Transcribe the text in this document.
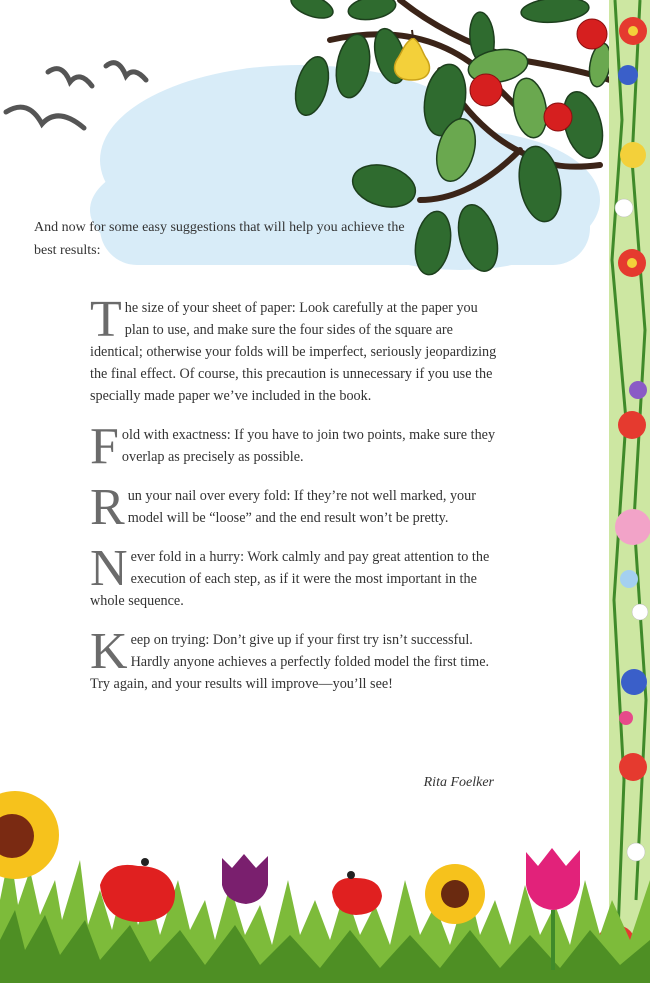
And now for some easy suggestions that will help you achieve the best results:

The size of your sheet of paper: Look carefully at the paper you plan to use, and make sure the four sides of the square are identical; otherwise your folds will be imperfect, seriously jeopardizing the final effect. Of course, this precaution is unnecessary if you use the specially made paper we’ve included in the book.

Fold with exactness: If you have to join two points, make sure they overlap as precisely as possible.

Run your nail over every fold: If they’re not well marked, your model will be “loose” and the end result won’t be pretty.

Never fold in a hurry: Work calmly and pay great attention to the execution of each step, as if it were the most important in the whole sequence.

Keep on trying: Don’t give up if your first try isn’t successful. Hardly anyone achieves a perfectly folded model the first time. Try again, and your results will improve—you’ll see!

Rita Foelker
